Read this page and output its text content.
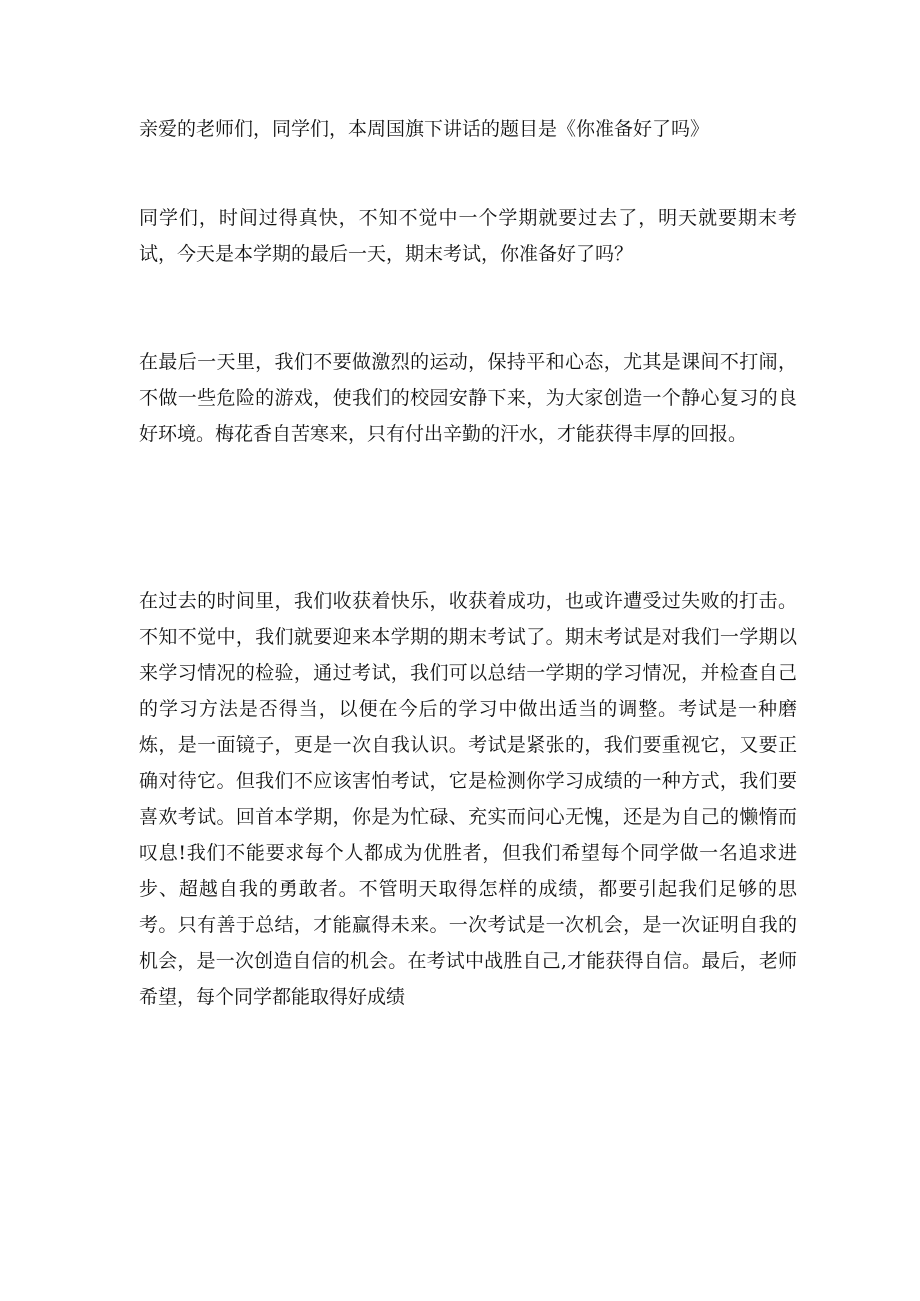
亲爱的老师们，同学们，本周国旗下讲话的题目是《你准备好了吗》

同学们，时间过得真快，不知不觉中一个学期就要过去了，明天就要期末考试，今天是本学期的最后一天，期末考试，你准备好了吗？

在最后一天里，我们不要做激烈的运动，保持平和心态，尤其是课间不打闹，不做一些危险的游戏，使我们的校园安静下来，为大家创造一个静心复习的良好环境。梅花香自苦寒来，只有付出辛勤的汗水，才能获得丰厚的回报。

在过去的时间里，我们收获着快乐，收获着成功，也或许遭受过失败的打击。不知不觉中，我们就要迎来本学期的期末考试了。期末考试是对我们一学期以来学习情况的检验，通过考试，我们可以总结一学期的学习情况，并检查自己的学习方法是否得当，以便在今后的学习中做出适当的调整。考试是一种磨炼，是一面镜子，更是一次自我认识。考试是紧张的，我们要重视它，又要正确对待它。但我们不应该害怕考试，它是检测你学习成绩的一种方式，我们要喜欢考试。回首本学期，你是为忙碌、充实而问心无愧，还是为自己的懒惰而叹息!我们不能要求每个人都成为优胜者，但我们希望每个同学做一名追求进步、超越自我的勇敢者。不管明天取得怎样的成绩，都要引起我们足够的思考。只有善于总结，才能赢得未来。一次考试是一次机会，是一次证明自我的机会，是一次创造自信的机会。在考试中战胜自己,才能获得自信。最后，老师希望，每个同学都能取得好成绩
